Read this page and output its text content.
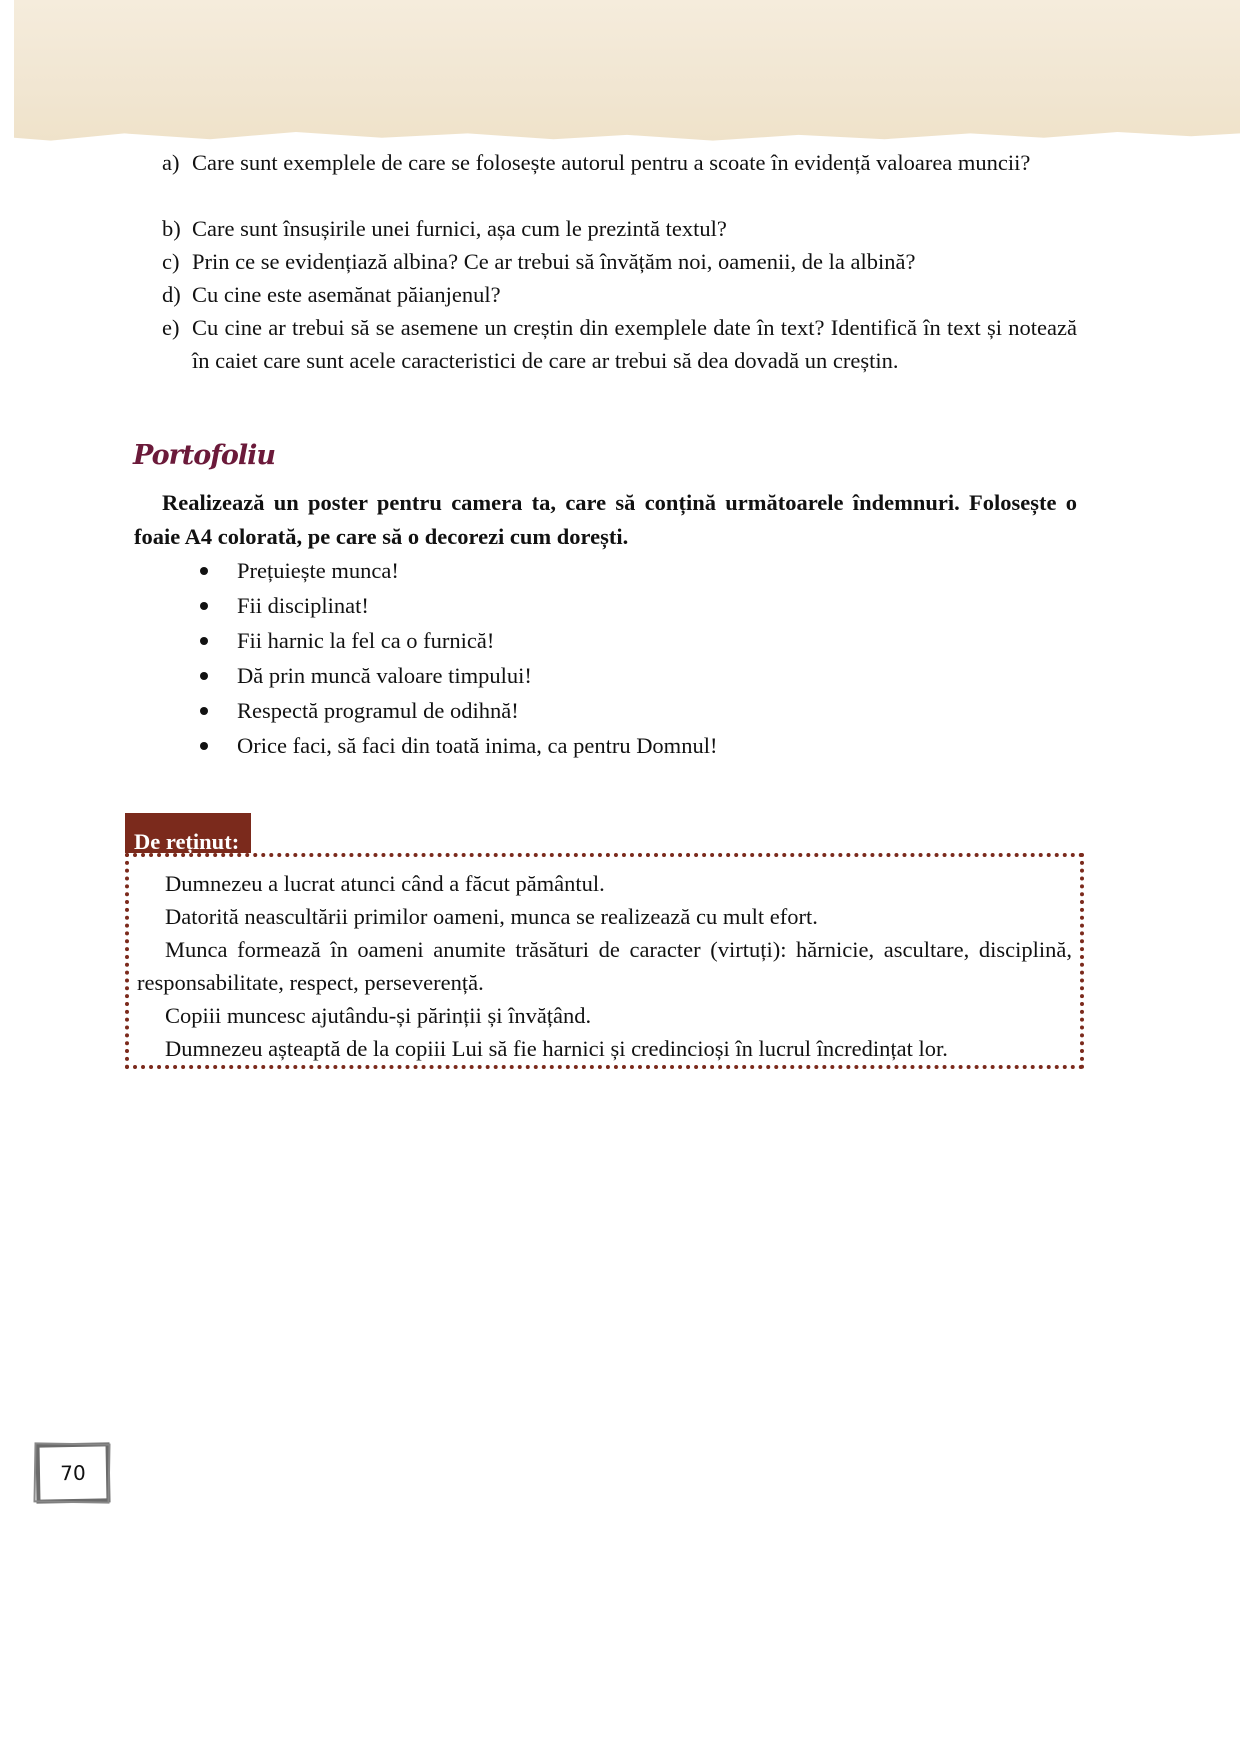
a) Care sunt exemplele de care se folosește autorul pentru a scoate în evidență valoarea muncii?
b) Care sunt însușirile unei furnici, așa cum le prezintă textul?
c) Prin ce se evidențiază albina? Ce ar trebui să învățăm noi, oamenii, de la albină?
d) Cu cine este asemănat păianjenul?
e) Cu cine ar trebui să se asemene un creștin din exemplele date în text? Identifică în text și notează în caiet care sunt acele caracteristici de care ar trebui să dea dovadă un creștin.
Portofoliu
Realizează un poster pentru camera ta, care să conțină următoarele îndemnuri. Folosește o foaie A4 colorată, pe care să o decorezi cum dorești.
Prețuiește munca!
Fii disciplinat!
Fii harnic la fel ca o furnică!
Dă prin muncă valoare timpului!
Respectă programul de odihnă!
Orice faci, să faci din toată inima, ca pentru Domnul!
De reținut:

Dumnezeu a lucrat atunci când a făcut pământul.

Datorită neascultării primilor oameni, munca se realizează cu mult efort.

Munca formează în oameni anumite trăsături de caracter (virtuți): hărnicie, ascultare, disciplină, responsabilitate, respect, perseverență.

Copiii muncesc ajutându-și părinții și învățând.

Dumnezeu așteaptă de la copiii Lui să fie harnici și credincioși în lucrul încredințat lor.

70
